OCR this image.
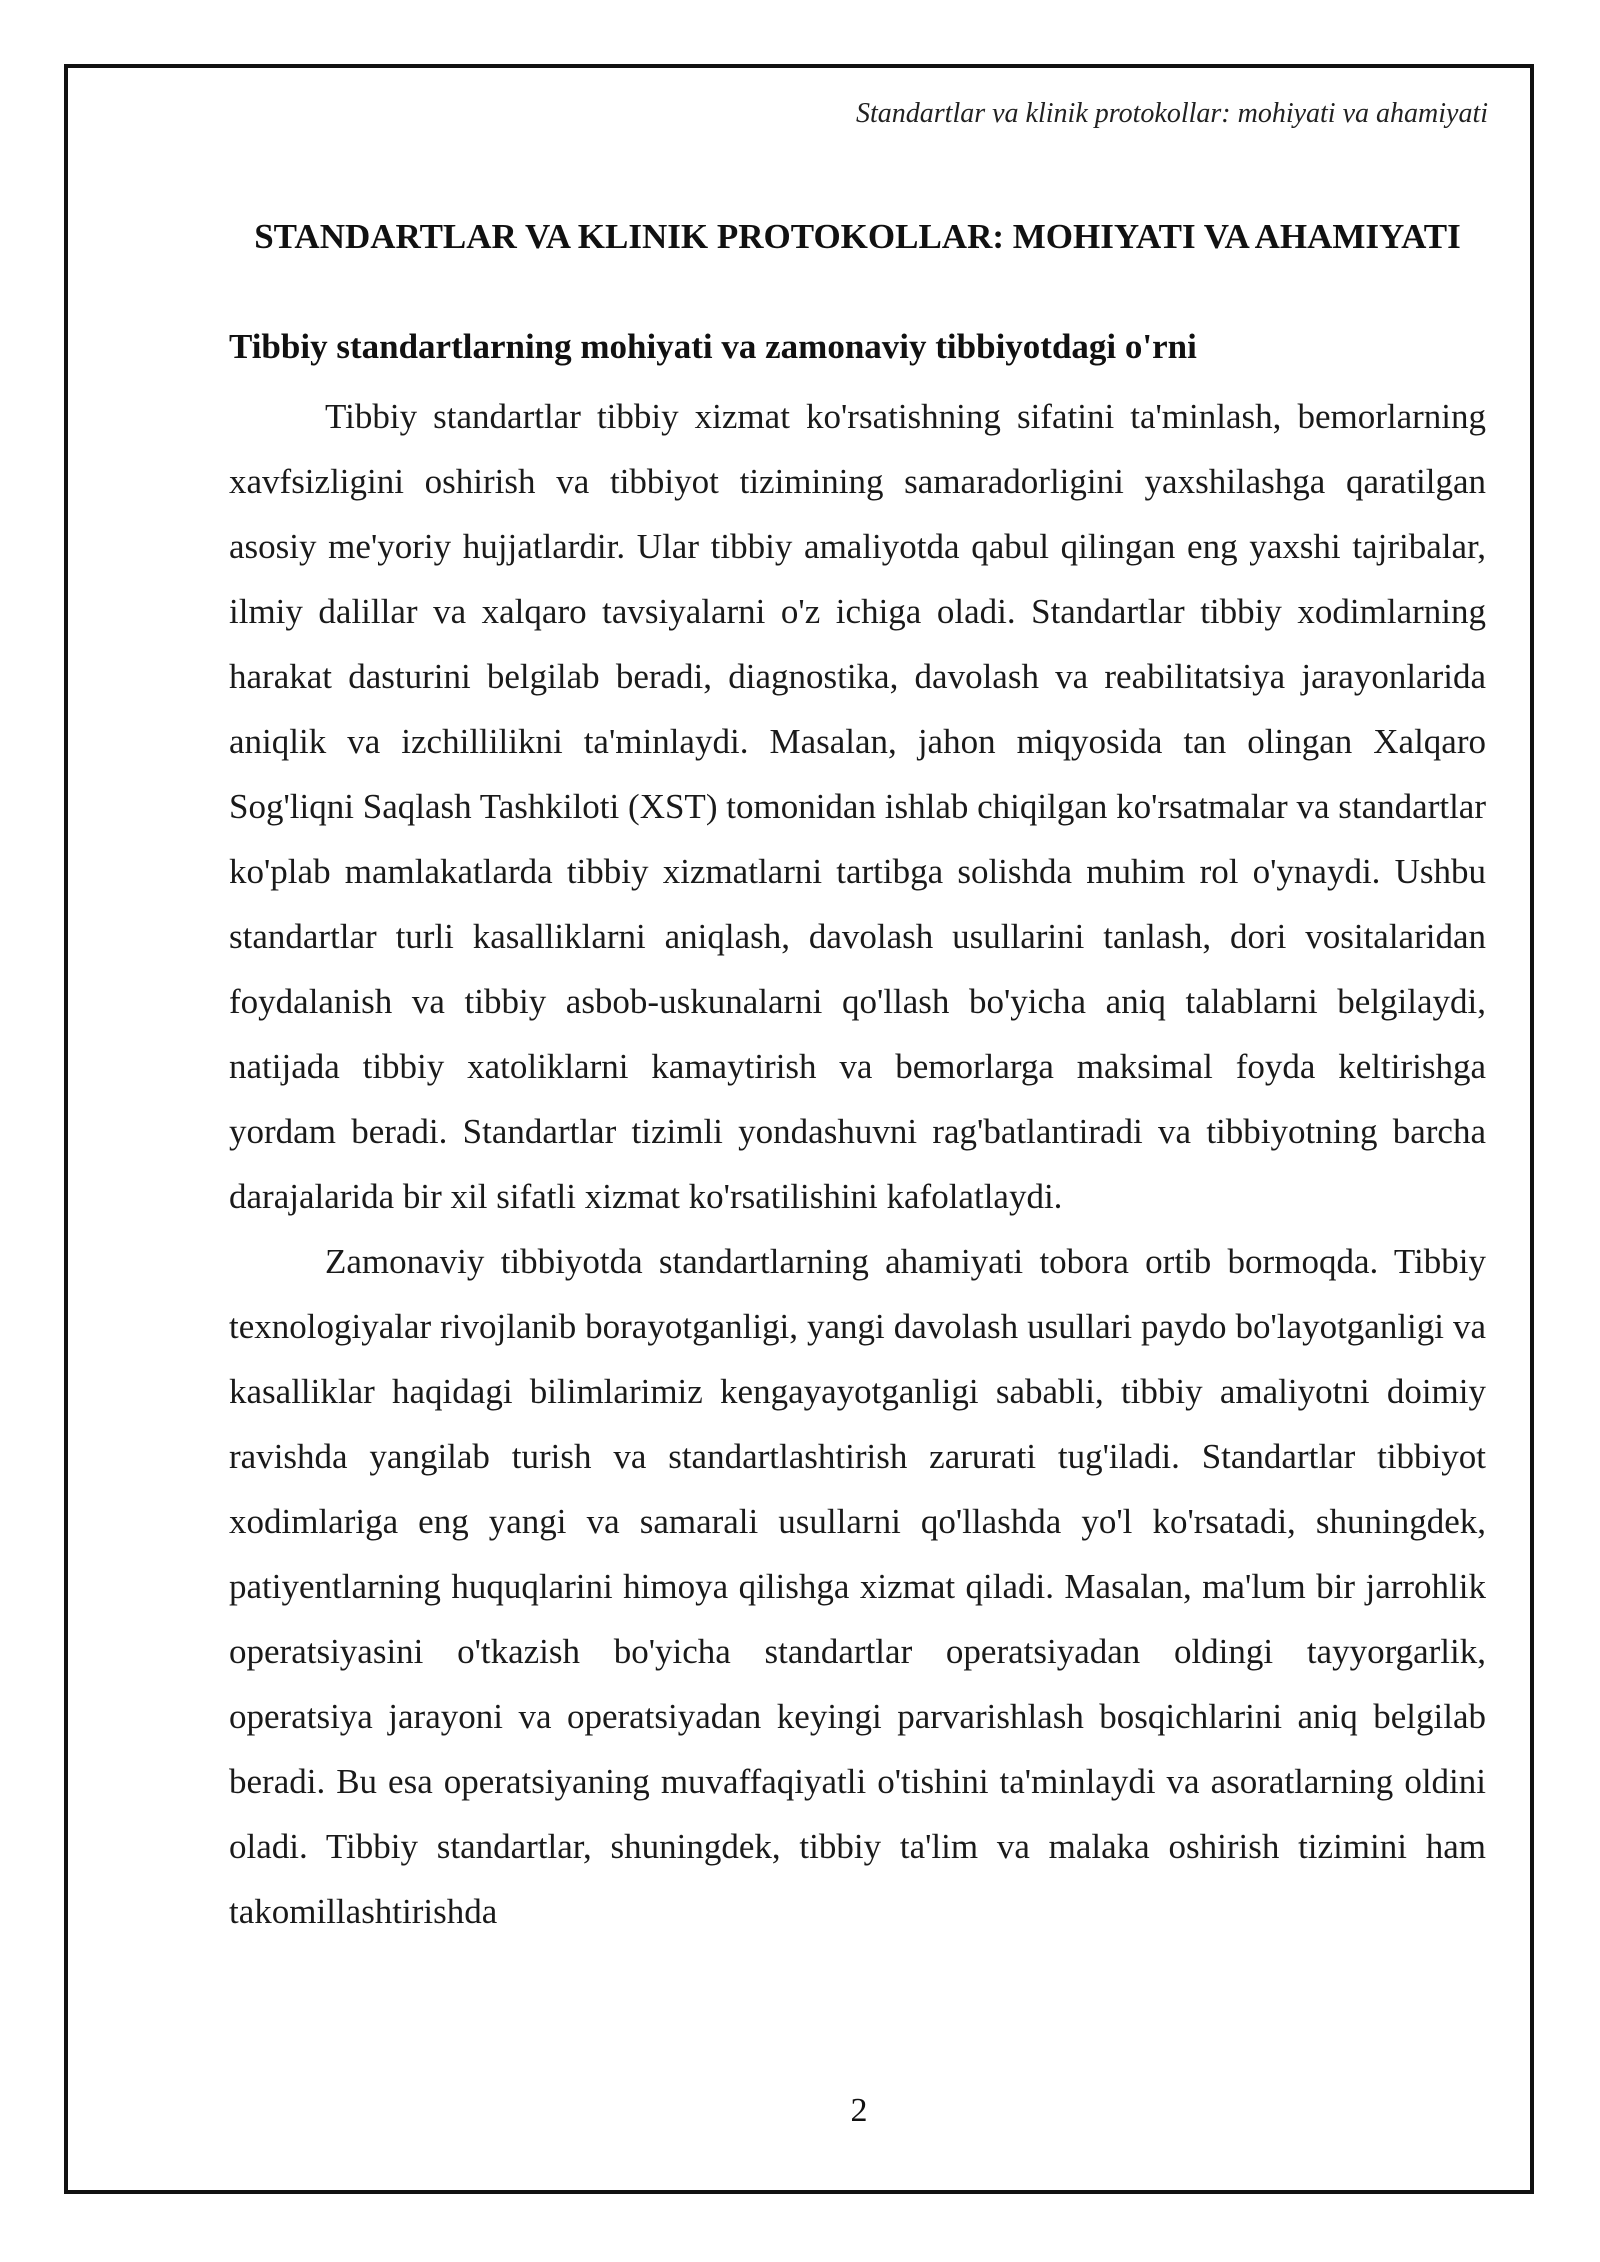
Standartlar va klinik protokollar: mohiyati va ahamiyati
STANDARTLAR VA KLINIK PROTOKOLLAR: MOHIYATI VA AHAMIYATI
Tibbiy standartlarning mohiyati va zamonaviy tibbiyotdagi o'rni

Tibbiy standartlar tibbiy xizmat ko'rsatishning sifatini ta'minlash, bemorlarning xavfsizligini oshirish va tibbiyot tizimining samaradorligini yaxshilashga qaratilgan asosiy me'yoriy hujjatlardir. Ular tibbiy amaliyotda qabul qilingan eng yaxshi tajribalar, ilmiy dalillar va xalqaro tavsiyalarni o'z ichiga oladi. Standartlar tibbiy xodimlarning harakat dasturini belgilab beradi, diagnostika, davolash va reabilitatsiya jarayonlarida aniqlik va izchillilikni ta'minlaydi. Masalan, jahon miqyosida tan olingan Xalqaro Sog'liqni Saqlash Tashkiloti (XST) tomonidan ishlab chiqilgan ko'rsatmalar va standartlar ko'plab mamlakatlarda tibbiy xizmatlarni tartibga solishda muhim rol o'ynaydi. Ushbu standartlar turli kasalliklarni aniqlash, davolash usullarini tanlash, dori vositalaridan foydalanish va tibbiy asbob-uskunalarni qo'llash bo'yicha aniq talablarni belgilaydi, natijada tibbiy xatoliklarni kamaytirish va bemorlarga maksimal foyda keltirishga yordam beradi. Standartlar tizimli yondashuvni rag'batlantiradi va tibbiyotning barcha darajalarida bir xil sifatli xizmat ko'rsatilishini kafolatlaydi.

Zamonaviy tibbiyotda standartlarning ahamiyati tobora ortib bormoqda. Tibbiy texnologiyalar rivojlanib borayotganligi, yangi davolash usullari paydo bo'layotganligi va kasalliklar haqidagi bilimlarimiz kengayayotganligi sababli, tibbiy amaliyotni doimiy ravishda yangilab turish va standartlashtirish zarurati tug'iladi. Standartlar tibbiyot xodimlariga eng yangi va samarali usullarni qo'llashda yo'l ko'rsatadi, shuningdek, patiyentlarning huquqlarini himoya qilishga xizmat qiladi. Masalan, ma'lum bir jarrohlik operatsiyasini o'tkazish bo'yicha standartlar operatsiyadan oldingi tayyorgarlik, operatsiya jarayoni va operatsiyadan keyingi parvarishlash bosqichlarini aniq belgilab beradi. Bu esa operatsiyaning muvaffaqiyatli o'tishini ta'minlaydi va asoratlarning oldini oladi. Tibbiy standartlar, shuningdek, tibbiy ta'lim va malaka oshirish tizimini ham takomillashtirishda

2
